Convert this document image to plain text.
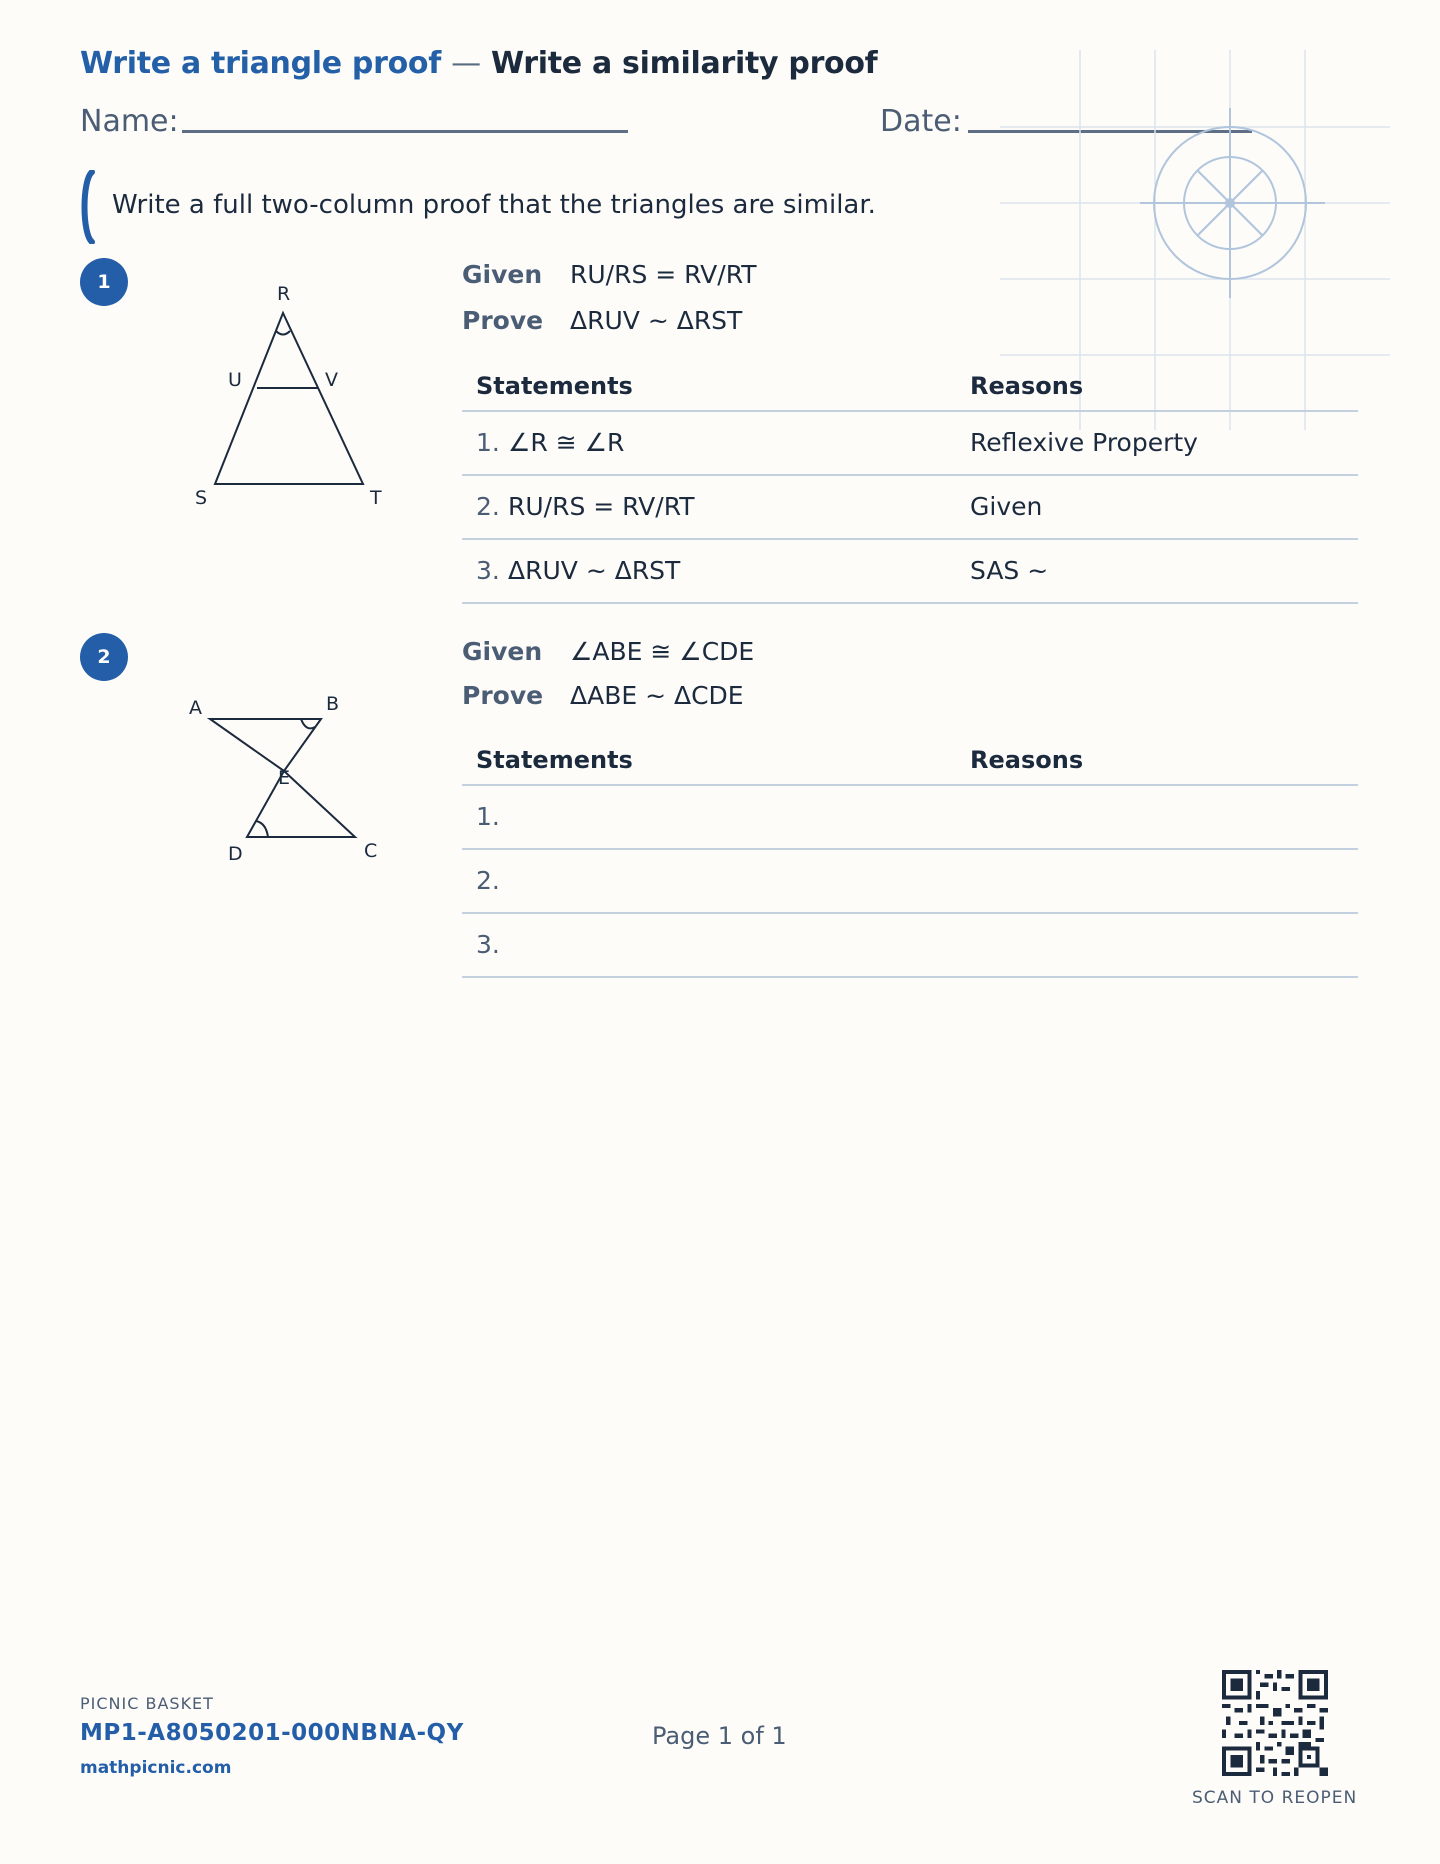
Write a triangle proof — Write a similarity proof
Name:	Date:
Write a full two-column proof that the triangles are similar.
1
R
U	V
S	T
Given RU/RS = RV/RT
Prove ΔRUV ~ ΔRST
Statements	Reasons
1. ∠R ≅ ∠R	Reflexive Property
2. RU/RS = RV/RT	Given
3. ΔRUV ~ ΔRST	SAS ~
2
A	B
E
D	C
Given ∠ABE ≅ ∠CDE
Prove ΔABE ~ ΔCDE
Statements	Reasons
1.
2.
3.
PICNIC BASKET
MP1-A8050201-000NBNA-QY
mathpicnic.com
Page 1 of 1
SCAN TO REOPEN
